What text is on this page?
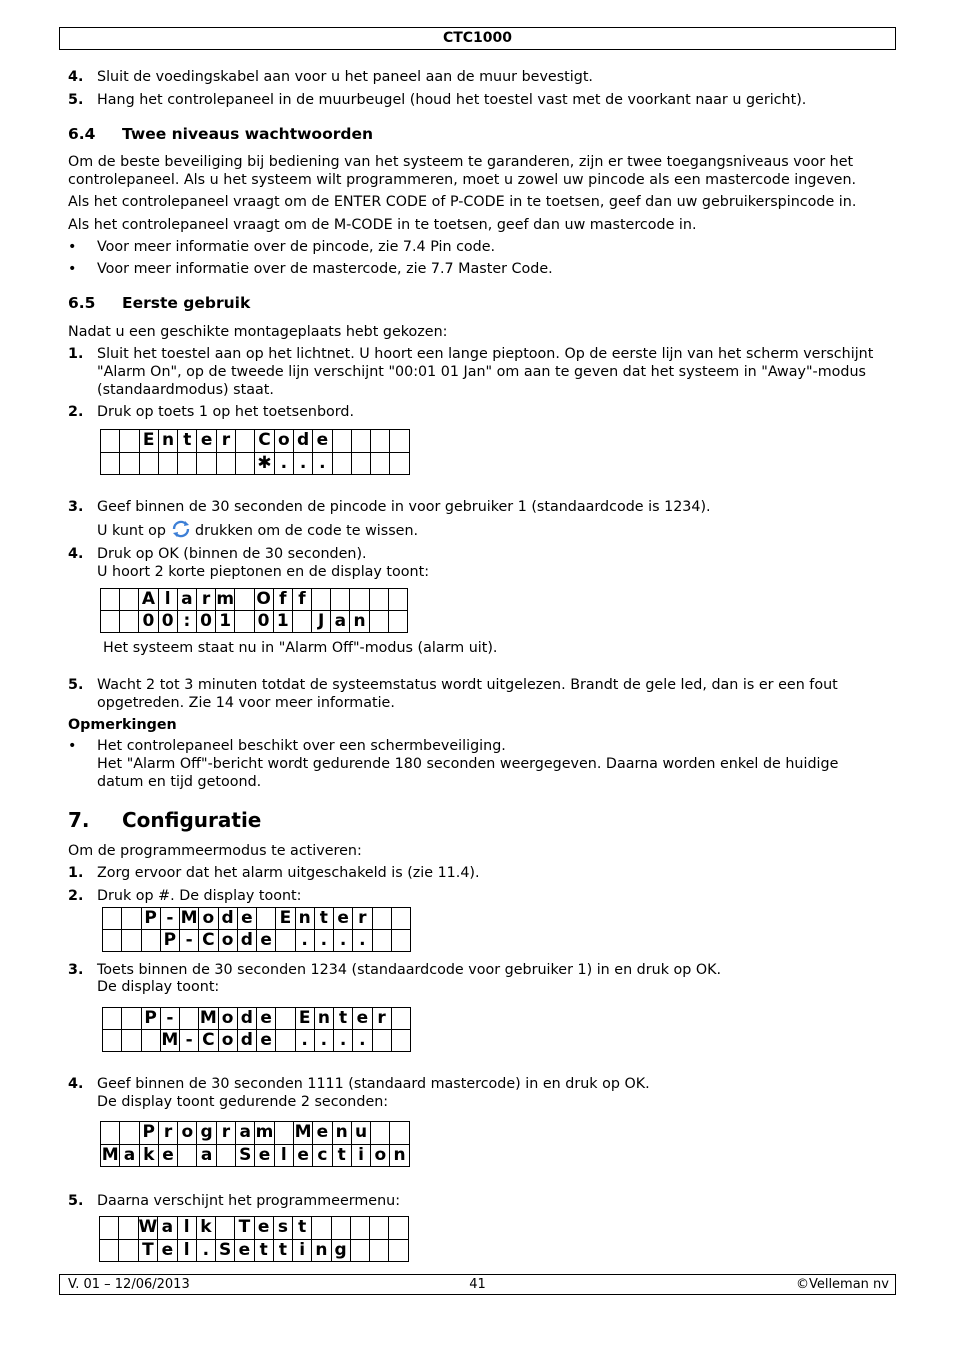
CTC1000
4. Sluit de voedingskabel aan voor u het paneel aan de muur bevestigt.
5. Hang het controlepaneel in de muurbeugel (houd het toestel vast met de voorkant naar u gericht).
6.4 Twee niveaus wachtwoorden
Om de beste beveiliging bij bediening van het systeem te garanderen, zijn er twee toegangsniveaus voor het controlepaneel. Als u het systeem wilt programmeren, moet u zowel uw pincode als een mastercode ingeven.
Als het controlepaneel vraagt om de ENTER CODE of P-CODE in te toetsen, geef dan uw gebruikerspincode in.
Als het controlepaneel vraagt om de M-CODE in te toetsen, geef dan uw mastercode in.
• Voor meer informatie over de pincode, zie 7.4 Pin code.
• Voor meer informatie over de mastercode, zie 7.7 Master Code.
6.5 Eerste gebruik
Nadat u een geschikte montageplaats hebt gekozen:
1. Sluit het toestel aan op het lichtnet. U hoort een lange pieptoon. Op de eerste lijn van het scherm verschijnt "Alarm On", op de tweede lijn verschijnt "00:01 01 Jan" om aan te geven dat het systeem in "Away"-modus (standaardmodus) staat.
2. Druk op toets 1 op het toetsenbord.
		E	n	t	e	r		C	o	d	e				
								✱	.	.	.				
3. Geef binnen de 30 seconden de pincode in voor gebruiker 1 (standaardcode is 1234).
U kunt op drukken om de code te wissen.
4. Druk op OK (binnen de 30 seconden).
U hoort 2 korte pieptonen en de display toont:
		A	l	a	r	m		O	f	f					
		0	0	:	0	1		0	1		J	a	n		
Het systeem staat nu in "Alarm Off"-modus (alarm uit).
5. Wacht 2 tot 3 minuten totdat de systeemstatus wordt uitgelezen. Brandt de gele led, dan is er een fout opgetreden. Zie 14 voor meer informatie.
Opmerkingen
• Het controlepaneel beschikt over een schermbeveiliging.
Het "Alarm Off"-bericht wordt gedurende 180 seconden weergegeven. Daarna worden enkel de huidige datum en tijd getoond.
7. Configuratie
Om de programmeermodus te activeren:
1. Zorg ervoor dat het alarm uitgeschakeld is (zie 11.4).
2. Druk op #. De display toont:
		P	-	M	o	d	e		E	n	t	e	r		
			P	-	C	o	d	e		.	.	.	.		
3. Toets binnen de 30 seconden 1234 (standaardcode voor gebruiker 1) in en druk op OK.
De display toont:
		P	-		M	o	d	e		E	n	t	e	r	
			M	-	C	o	d	e		.	.	.	.		
4. Geef binnen de 30 seconden 1111 (standaard mastercode) in en druk op OK.
De display toont gedurende 2 seconden:
		P	r	o	g	r	a	m		M	e	n	u		
M	a	k	e		a		S	e	l	e	c	t	i	o	n
5. Daarna verschijnt het programmeermenu:
		W	a	l	k		T	e	s	t					
		T	e	l	.	S	e	t	t	i	n	g			
V. 01 – 12/06/2013	41	©Velleman nv
